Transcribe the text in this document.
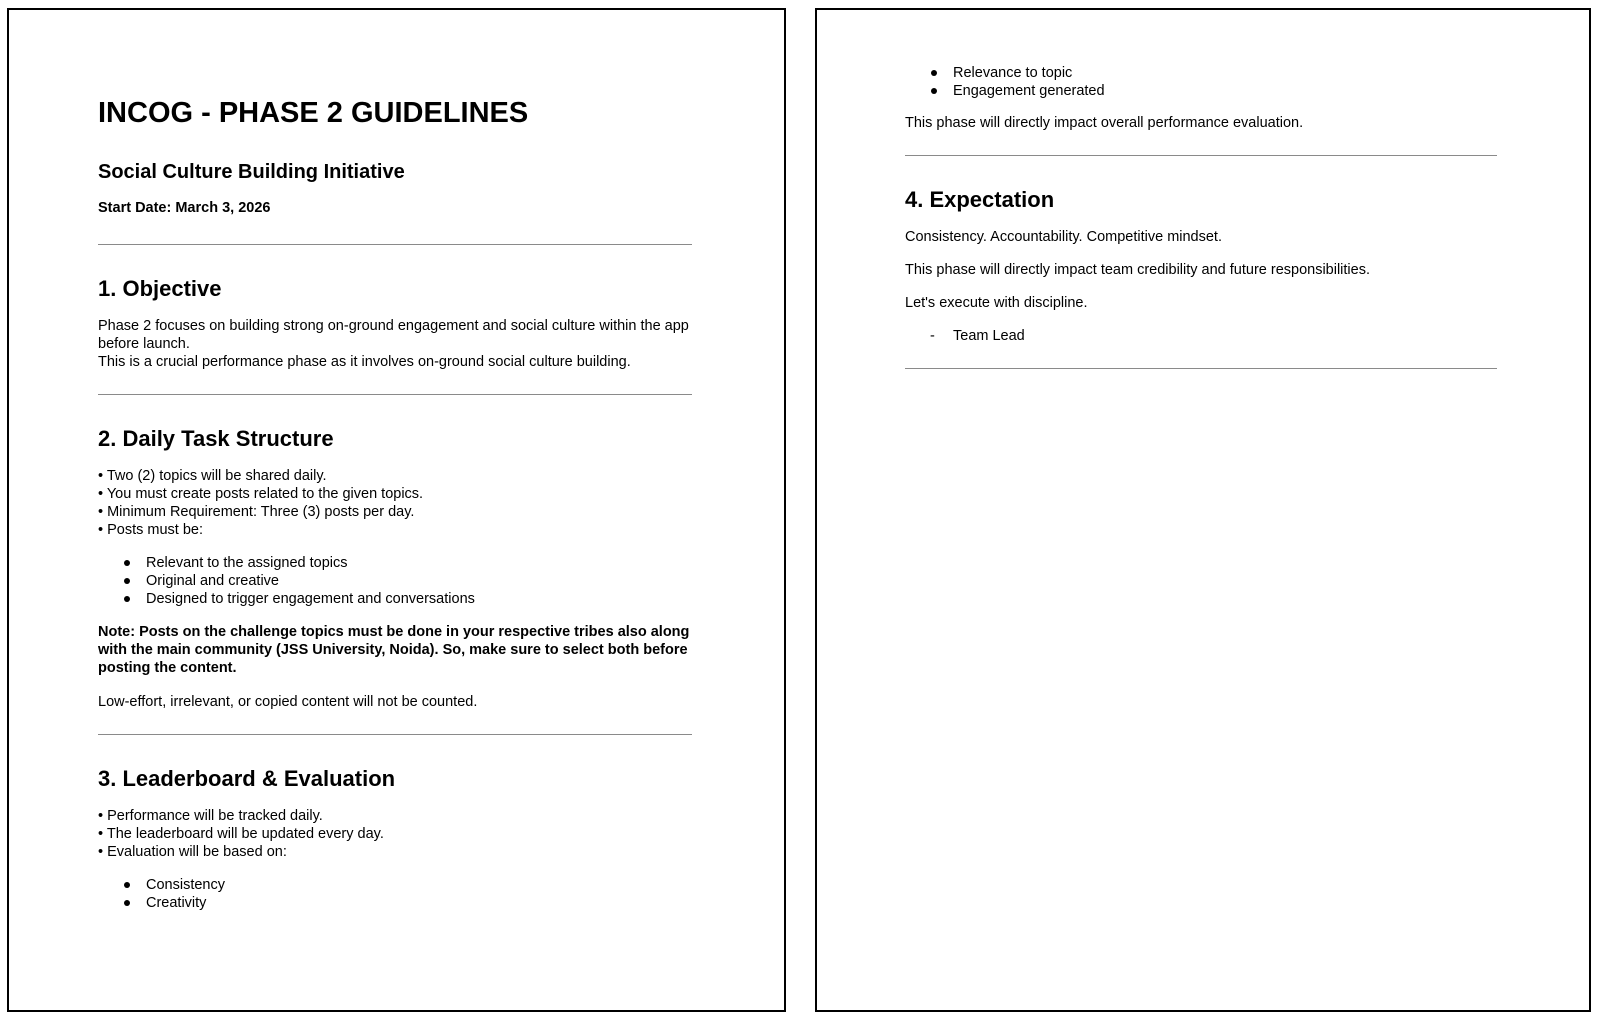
INCOG - PHASE 2 GUIDELINES
Social Culture Building Initiative

Start Date: March 3, 2026

1. Objective

Phase 2 focuses on building strong on-ground engagement and social culture within the app before launch.
This is a crucial performance phase as it involves on-ground social culture building.

2. Daily Task Structure

• Two (2) topics will be shared daily.

• You must create posts related to the given topics.

• Minimum Requirement: Three (3) posts per day.

• Posts must be:

Relevant to the assigned topics
Original and creative
Designed to trigger engagement and conversations

Note: Posts on the challenge topics must be done in your respective tribes also along with the main community (JSS University, Noida). So, make sure to select both before posting the content.

Low-effort, irrelevant, or copied content will not be counted.

3. Leaderboard & Evaluation

• Performance will be tracked daily.

• The leaderboard will be updated every day.

• Evaluation will be based on:

Consistency
Creativity
Relevance to topic
Engagement generated

This phase will directly impact overall performance evaluation.

4. Expectation

Consistency. Accountability. Competitive mindset.

This phase will directly impact team credibility and future responsibilities.

Let's execute with discipline.

- Team Lead
